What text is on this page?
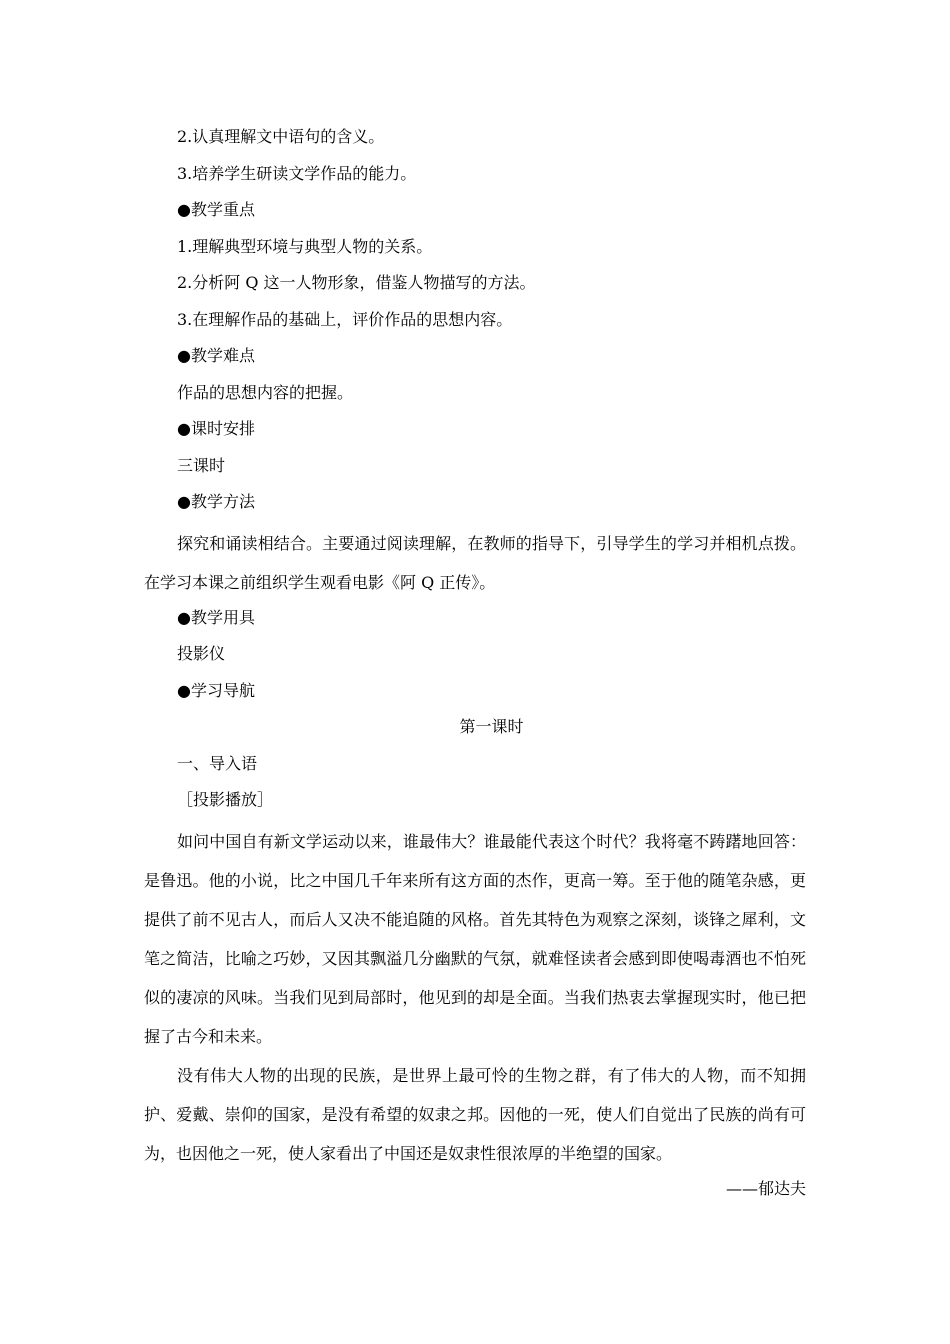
2.认真理解文中语句的含义。
3.培养学生研读文学作品的能力。
●教学重点
1.理解典型环境与典型人物的关系。
2.分析阿 Q 这一人物形象，借鉴人物描写的方法。
3.在理解作品的基础上，评价作品的思想内容。
●教学难点
作品的思想内容的把握。
●课时安排
三课时
●教学方法
探究和诵读相结合。主要通过阅读理解，在教师的指导下，引导学生的学习并相机点拨。在学习本课之前组织学生观看电影《阿 Q 正传》。
●教学用具
投影仪
●学习导航
第一课时
一、导入语
［投影播放］
如问中国自有新文学运动以来，谁最伟大？谁最能代表这个时代？我将毫不踌躇地回答：是鲁迅。他的小说，比之中国几千年来所有这方面的杰作，更高一筹。至于他的随笔杂感，更提供了前不见古人，而后人又决不能追随的风格。首先其特色为观察之深刻，谈锋之犀利，文笔之简洁，比喻之巧妙，又因其飘溢几分幽默的气氛，就难怪读者会感到即使喝毒酒也不怕死似的凄凉的风味。当我们见到局部时，他见到的却是全面。当我们热衷去掌握现实时，他已把握了古今和未来。
没有伟大人物的出现的民族，是世界上最可怜的生物之群，有了伟大的人物，而不知拥护、爱戴、崇仰的国家，是没有希望的奴隶之邦。因他的一死，使人们自觉出了民族的尚有可为，也因他之一死，使人家看出了中国还是奴隶性很浓厚的半绝望的国家。
——郁达夫
